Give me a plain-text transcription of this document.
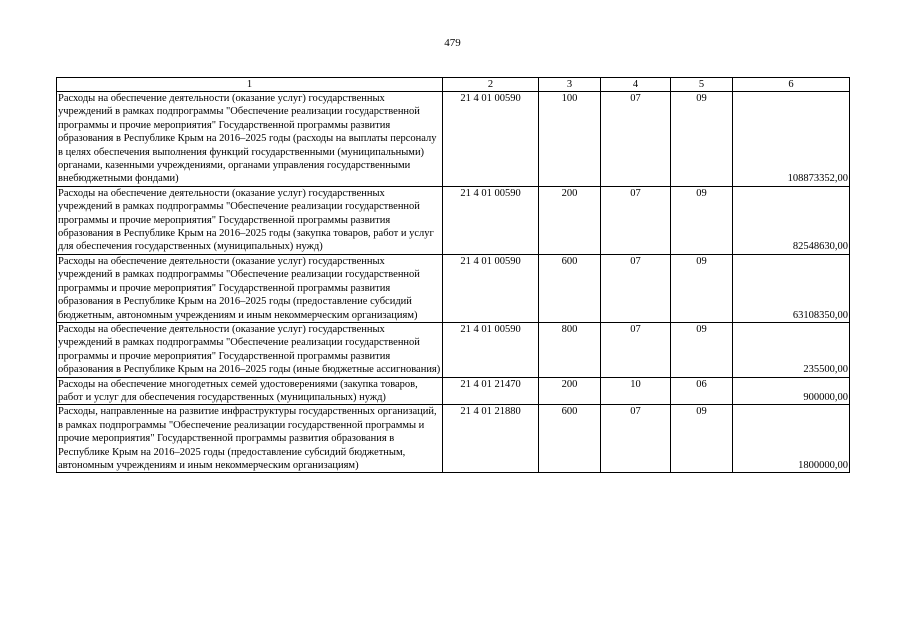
479
1	2	3	4	5	6
Расходы на обеспечение деятельности (оказание услуг) государственных учреждений в рамках подпрограммы "Обеспечение реализации государственной программы и прочие мероприятия" Государственной программы развития образования в Республике Крым на 2016–2025 годы (расходы на выплаты персоналу в целях обеспечения выполнения функций государственными (муниципальными) органами, казенными учреждениями, органами управления государственными внебюджетными фондами)	21 4 01 00590	100	07	09	108873352,00
Расходы на обеспечение деятельности (оказание услуг) государственных учреждений в рамках подпрограммы "Обеспечение реализации государственной программы и прочие мероприятия" Государственной программы развития образования в Республике Крым на 2016–2025 годы (закупка товаров, работ и услуг для обеспечения государственных (муниципальных) нужд)	21 4 01 00590	200	07	09	82548630,00
Расходы на обеспечение деятельности (оказание услуг) государственных учреждений в рамках подпрограммы "Обеспечение реализации государственной программы и прочие мероприятия" Государственной программы развития образования в Республике Крым на 2016–2025 годы (предоставление субсидий бюджетным, автономным учреждениям и иным некоммерческим организациям)	21 4 01 00590	600	07	09	63108350,00
Расходы на обеспечение деятельности (оказание услуг) государственных учреждений в рамках подпрограммы "Обеспечение реализации государственной программы и прочие мероприятия" Государственной программы развития образования в Республике Крым на 2016–2025 годы (иные бюджетные ассигнования)	21 4 01 00590	800	07	09	235500,00
Расходы на обеспечение многодетных семей удостоверениями (закупка товаров, работ и услуг для обеспечения государственных (муниципальных) нужд)	21 4 01 21470	200	10	06	900000,00
Расходы, направленные на развитие инфраструктуры государственных организаций, в рамках подпрограммы "Обеспечение реализации государственной программы и прочие мероприятия" Государственной программы развития образования в Республике Крым на 2016–2025 годы (предоставление субсидий бюджетным, автономным учреждениям и иным некоммерческим организациям)	21 4 01 21880	600	07	09	1800000,00
